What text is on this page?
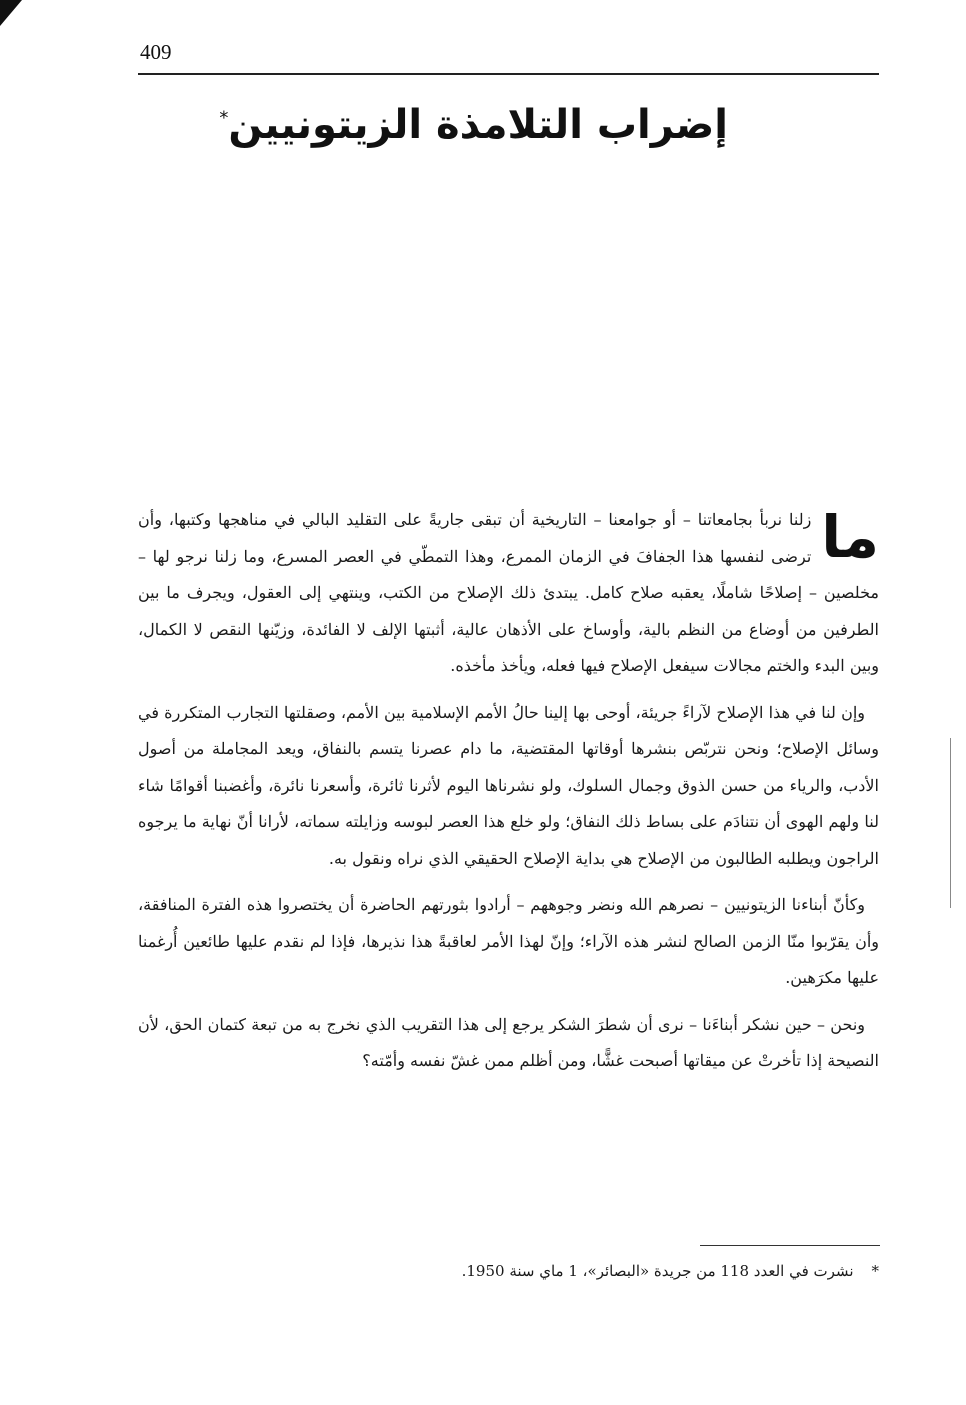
409
إضراب التلامذة الزيتونيين*

ما
زلنا نربأ بجامعاتنا – أو جوامعنا – التاريخية أن تبقى جاريةً على التقليد البالي في مناهجها وكتبها، وأن ترضى لنفسها هذا الجفافَ في الزمان الممرع، وهذا التمطّي في العصر المسرع، وما زلنا نرجو لها – مخلصين – إصلاحًا شاملًا، يعقبه صلاح كامل. يبتدئ ذلك الإصلاح من الكتب، وينتهي إلى العقول، ويجرف ما بين الطرفين من أوضاع من النظم بالية، وأوساخ على الأذهان عالية، أثبتها الإلف لا الفائدة، وزيّنها النقص لا الكمال، وبين البدء والختم مجالات سيفعل الإصلاح فيها فعله، ويأخذ مأخذه.

وإن لنا في هذا الإصلاح لآراءً جريئة، أوحى بها إلينا حالُ الأمم الإسلامية بين الأمم، وصقلتها التجارب المتكررة في وسائل الإصلاح؛ ونحن نتربّص بنشرها أوقاتها المقتضية، ما دام عصرنا يتسم بالنفاق، ويعد المجاملة من أصول الأدب، والرياء من حسن الذوق وجمال السلوك، ولو نشرناها اليوم لأثرنا ثائرة، وأسعرنا نائرة، وأغضبنا أقوامًا شاء لنا ولهم الهوى أن نتنادَم على بساط ذلك النفاق؛ ولو خلع هذا العصر لبوسه وزايلته سماته، لأرانا أنّ نهاية ما يرجوه الراجون ويطلبه الطالبون من الإصلاح هي بداية الإصلاح الحقيقي الذي نراه ونقول به.

وكأنّ أبناءنا الزيتونيين – نصرهم الله ونضر وجوههم – أرادوا بثورتهم الحاضرة أن يختصروا هذه الفترة المنافقة، وأن يقرّبوا منّا الزمن الصالح لنشر هذه الآراء؛ وإنّ لهذا الأمر لعاقبةً هذا نذيرها، فإذا لم نقدم عليها طائعين أُرغمنا عليها مكرَهين.

ونحن – حين نشكر أبناءَنا – نرى أن شطرَ الشكر يرجع إلى هذا التقريب الذي نخرج به من تبعة كتمان الحق، لأن النصيحة إذا تأخرتْ عن ميقاتها أصبحت غشًّا، ومن أظلم ممن غشّ نفسه وأمّته؟

*نشرت في العدد 118 من جريدة «البصائر»، 1 ماي سنة 1950.
